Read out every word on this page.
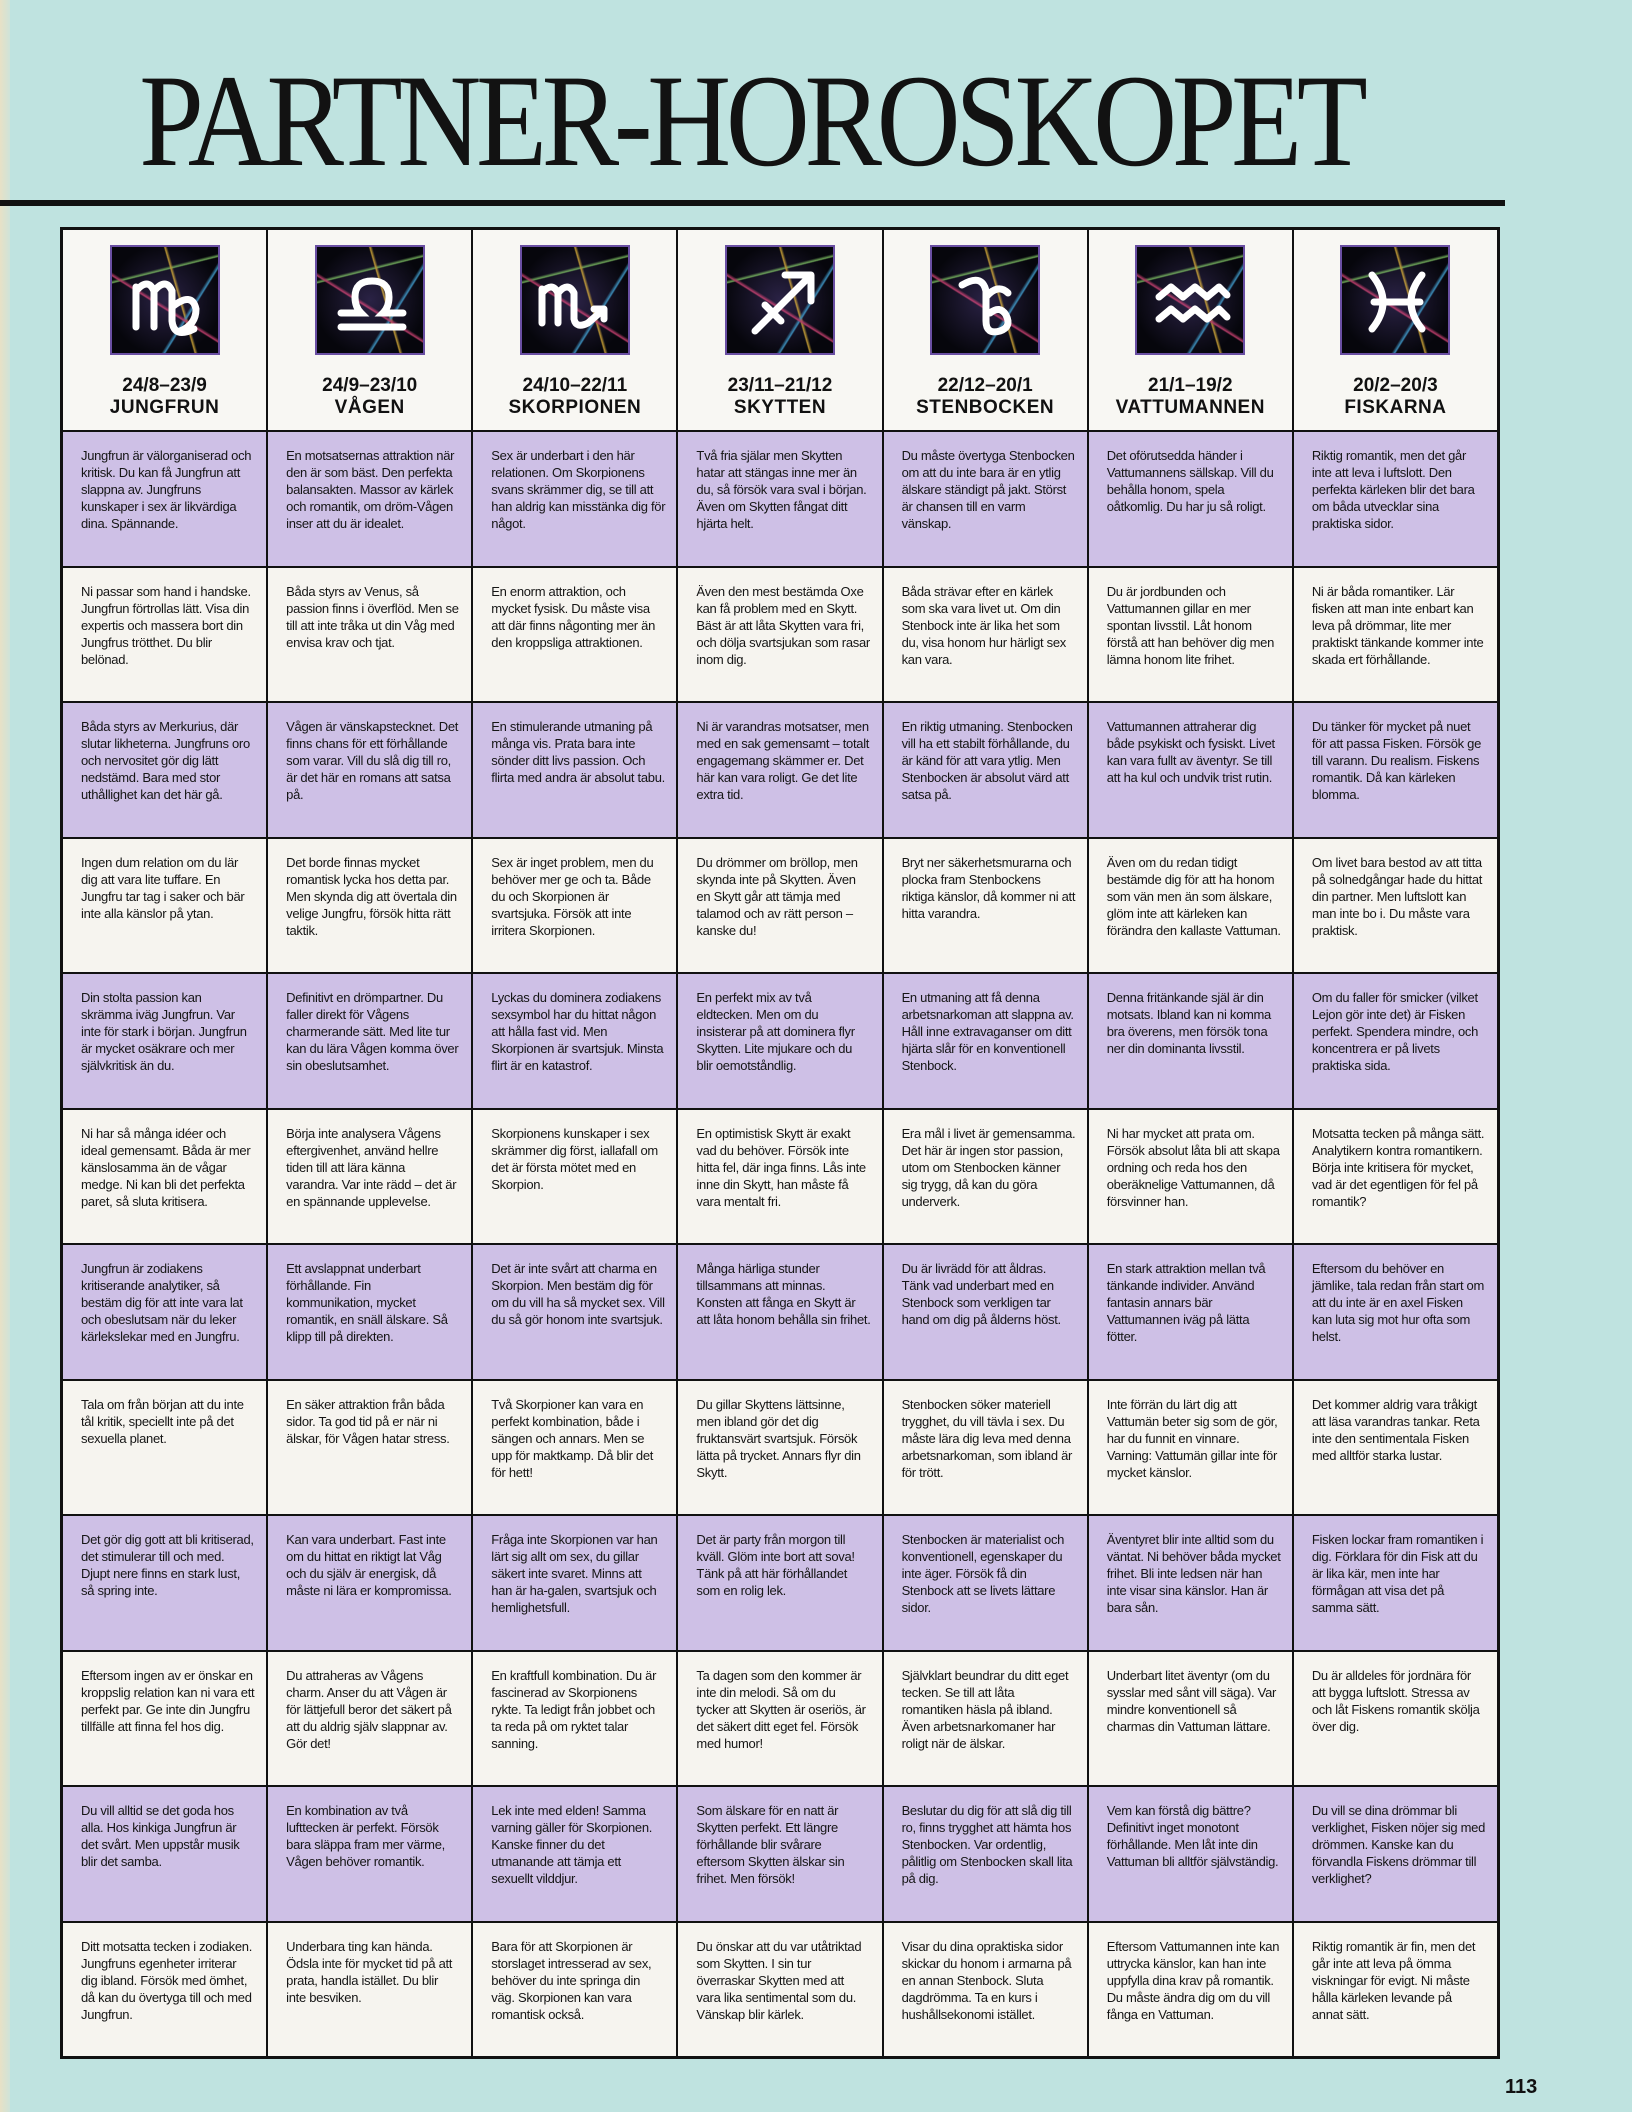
PARTNER-HOROSKOPET
24/8–23/9
JUNGFRUN
24/9–23/10
VÅGEN
24/10–22/11
SKORPIONEN
23/11–21/12
SKYTTEN
22/12–20/1
STENBOCKEN
21/1–19/2
VATTUMANNEN
20/2–20/3
FISKARNA
Jungfrun är välorganiserad och kritisk. Du kan få Jungfrun att slappna av. Jungfruns kunskaper i sex är likvärdiga dina. Spännande.
En motsatsernas attraktion när den är som bäst. Den perfekta balansakten. Massor av kärlek och romantik, om dröm-Vågen inser att du är idealet.
Sex är underbart i den här relationen. Om Skorpionens svans skrämmer dig, se till att han aldrig kan misstänka dig för något.
Två fria själar men Skytten hatar att stängas inne mer än du, så försök vara sval i början. Även om Skytten fångat ditt hjärta helt.
Du måste övertyga Stenbocken om att du inte bara är en ytlig älskare ständigt på jakt. Störst är chansen till en varm vänskap.
Det oförutsedda händer i Vattumannens sällskap. Vill du behålla honom, spela oåtkomlig. Du har ju så roligt.
Riktig romantik, men det går inte att leva i luftslott. Den perfekta kärleken blir det bara om båda utvecklar sina praktiska sidor.
Ni passar som hand i handske. Jungfrun förtrollas lätt. Visa din expertis och massera bort din Jungfrus trötthet. Du blir belönad.
Båda styrs av Venus, så passion finns i överflöd. Men se till att inte tråka ut din Våg med envisa krav och tjat.
En enorm attraktion, och mycket fysisk. Du måste visa att där finns någonting mer än den kroppsliga attraktionen.
Även den mest bestämda Oxe kan få problem med en Skytt. Bäst är att låta Skytten vara fri, och dölja svartsjukan som rasar inom dig.
Båda strävar efter en kärlek som ska vara livet ut. Om din Stenbock inte är lika het som du, visa honom hur härligt sex kan vara.
Du är jordbunden och Vattumannen gillar en mer spontan livsstil. Låt honom förstå att han behöver dig men lämna honom lite frihet.
Ni är båda romantiker. Lär fisken att man inte enbart kan leva på drömmar, lite mer praktiskt tänkande kommer inte skada ert förhållande.
Båda styrs av Merkurius, där slutar likheterna. Jungfruns oro och nervositet gör dig lätt nedstämd. Bara med stor uthållighet kan det här gå.
Vågen är vänskapstecknet. Det finns chans för ett förhållande som varar. Vill du slå dig till ro, är det här en romans att satsa på.
En stimulerande utmaning på många vis. Prata bara inte sönder ditt livs passion. Och flirta med andra är absolut tabu.
Ni är varandras motsatser, men med en sak gemensamt – totalt engagemang skämmer er. Det här kan vara roligt. Ge det lite extra tid.
En riktig utmaning. Stenbocken vill ha ett stabilt förhållande, du är känd för att vara ytlig. Men Stenbocken är absolut värd att satsa på.
Vattumannen attraherar dig både psykiskt och fysiskt. Livet kan vara fullt av äventyr. Se till att ha kul och undvik trist rutin.
Du tänker för mycket på nuet för att passa Fisken. Försök ge till varann. Du realism. Fiskens romantik. Då kan kärleken blomma.
Ingen dum relation om du lär dig att vara lite tuffare. En Jungfru tar tag i saker och bär inte alla känslor på ytan.
Det borde finnas mycket romantisk lycka hos detta par. Men skynda dig att övertala din velige Jungfru, försök hitta rätt taktik.
Sex är inget problem, men du behöver mer ge och ta. Både du och Skorpionen är svartsjuka. Försök att inte irritera Skorpionen.
Du drömmer om bröllop, men skynda inte på Skytten. Även en Skytt går att tämja med talamod och av rätt person – kanske du!
Bryt ner säkerhetsmurarna och plocka fram Stenbockens riktiga känslor, då kommer ni att hitta varandra.
Även om du redan tidigt bestämde dig för att ha honom som vän men än som älskare, glöm inte att kärleken kan förändra den kallaste Vattuman.
Om livet bara bestod av att titta på solnedgångar hade du hittat din partner. Men luftslott kan man inte bo i. Du måste vara praktisk.
Din stolta passion kan skrämma iväg Jungfrun. Var inte för stark i början. Jungfrun är mycket osäkrare och mer självkritisk än du.
Definitivt en drömpartner. Du faller direkt för Vågens charmerande sätt. Med lite tur kan du lära Vågen komma över sin obeslutsamhet.
Lyckas du dominera zodiakens sexsymbol har du hittat någon att hålla fast vid. Men Skorpionen är svartsjuk. Minsta flirt är en katastrof.
En perfekt mix av två eldtecken. Men om du insisterar på att dominera flyr Skytten. Lite mjukare och du blir oemotståndlig.
En utmaning att få denna arbetsnarkoman att slappna av. Håll inne extravaganser om ditt hjärta slår för en konventionell Stenbock.
Denna fritänkande själ är din motsats. Ibland kan ni komma bra överens, men försök tona ner din dominanta livsstil.
Om du faller för smicker (vilket Lejon gör inte det) är Fisken perfekt. Spendera mindre, och koncentrera er på livets praktiska sida.
Ni har så många idéer och ideal gemensamt. Båda är mer känslosamma än de vågar medge. Ni kan bli det perfekta paret, så sluta kritisera.
Börja inte analysera Vågens eftergivenhet, använd hellre tiden till att lära känna varandra. Var inte rädd – det är en spännande upplevelse.
Skorpionens kunskaper i sex skrämmer dig först, iallafall om det är första mötet med en Skorpion.
En optimistisk Skytt är exakt vad du behöver. Försök inte hitta fel, där inga finns. Lås inte inne din Skytt, han måste få vara mentalt fri.
Era mål i livet är gemensamma. Det här är ingen stor passion, utom om Stenbocken känner sig trygg, då kan du göra underverk.
Ni har mycket att prata om. Försök absolut låta bli att skapa ordning och reda hos den oberäknelige Vattumannen, då försvinner han.
Motsatta tecken på många sätt. Analytikern kontra romantikern. Börja inte kritisera för mycket, vad är det egentligen för fel på romantik?
Jungfrun är zodiakens kritiserande analytiker, så bestäm dig för att inte vara lat och obeslutsam när du leker kärlekslekar med en Jungfru.
Ett avslappnat underbart förhållande. Fin kommunikation, mycket romantik, en snäll älskare. Så klipp till på direkten.
Det är inte svårt att charma en Skorpion. Men bestäm dig för om du vill ha så mycket sex. Vill du så gör honom inte svartsjuk.
Många härliga stunder tillsammans att minnas. Konsten att fånga en Skytt är att låta honom behålla sin frihet.
Du är livrädd för att åldras. Tänk vad underbart med en Stenbock som verkligen tar hand om dig på ålderns höst.
En stark attraktion mellan två tänkande individer. Använd fantasin annars bär Vattumannen iväg på lätta fötter.
Eftersom du behöver en jämlike, tala redan från start om att du inte är en axel Fisken kan luta sig mot hur ofta som helst.
Tala om från början att du inte tål kritik, speciellt inte på det sexuella planet.
En säker attraktion från båda sidor. Ta god tid på er när ni älskar, för Vågen hatar stress.
Två Skorpioner kan vara en perfekt kombination, både i sängen och annars. Men se upp för maktkamp. Då blir det för hett!
Du gillar Skyttens lättsinne, men ibland gör det dig fruktansvärt svartsjuk. Försök lätta på trycket. Annars flyr din Skytt.
Stenbocken söker materiell trygghet, du vill tävla i sex. Du måste lära dig leva med denna arbetsnarkoman, som ibland är för trött.
Inte förrän du lärt dig att Vattumän beter sig som de gör, har du funnit en vinnare. Varning: Vattumän gillar inte för mycket känslor.
Det kommer aldrig vara tråkigt att läsa varandras tankar. Reta inte den sentimentala Fisken med alltför starka lustar.
Det gör dig gott att bli kritiserad, det stimulerar till och med. Djupt nere finns en stark lust, så spring inte.
Kan vara underbart. Fast inte om du hittat en riktigt lat Våg och du själv är energisk, då måste ni lära er kompromissa.
Fråga inte Skorpionen var han lärt sig allt om sex, du gillar säkert inte svaret. Minns att han är ha-galen, svartsjuk och hemlighetsfull.
Det är party från morgon till kväll. Glöm inte bort att sova! Tänk på att här förhållandet som en rolig lek.
Stenbocken är materialist och konventionell, egenskaper du inte äger. Försök få din Stenbock att se livets lättare sidor.
Äventyret blir inte alltid som du väntat. Ni behöver båda mycket frihet. Bli inte ledsen när han inte visar sina känslor. Han är bara sån.
Fisken lockar fram romantiken i dig. Förklara för din Fisk att du är lika kär, men inte har förmågan att visa det på samma sätt.
Eftersom ingen av er önskar en kroppslig relation kan ni vara ett perfekt par. Ge inte din Jungfru tillfälle att finna fel hos dig.
Du attraheras av Vågens charm. Anser du att Vågen är för lättjefull beror det säkert på att du aldrig själv slappnar av. Gör det!
En kraftfull kombination. Du är fascinerad av Skorpionens rykte. Ta ledigt från jobbet och ta reda på om ryktet talar sanning.
Ta dagen som den kommer är inte din melodi. Så om du tycker att Skytten är oseriös, är det säkert ditt eget fel. Försök med humor!
Självklart beundrar du ditt eget tecken. Se till att låta romantiken häsla på ibland. Även arbetsnarkomaner har roligt när de älskar.
Underbart litet äventyr (om du sysslar med sånt vill säga). Var mindre konventionell så charmas din Vattuman lättare.
Du är alldeles för jordnära för att bygga luftslott. Stressa av och låt Fiskens romantik skölja över dig.
Du vill alltid se det goda hos alla. Hos kinkiga Jungfrun är det svårt. Men uppstår musik blir det samba.
En kombination av två lufttecken är perfekt. Försök bara släppa fram mer värme, Vågen behöver romantik.
Lek inte med elden! Samma varning gäller för Skorpionen. Kanske finner du det utmanande att tämja ett sexuellt vilddjur.
Som älskare för en natt är Skytten perfekt. Ett längre förhållande blir svårare eftersom Skytten älskar sin frihet. Men försök!
Beslutar du dig för att slå dig till ro, finns trygghet att hämta hos Stenbocken. Var ordentlig, pålitlig om Stenbocken skall lita på dig.
Vem kan förstå dig bättre? Definitivt inget monotont förhållande. Men låt inte din Vattuman bli alltför självständig.
Du vill se dina drömmar bli verklighet, Fisken nöjer sig med drömmen. Kanske kan du förvandla Fiskens drömmar till verklighet?
Ditt motsatta tecken i zodiaken. Jungfruns egenheter irriterar dig ibland. Försök med ömhet, då kan du övertyga till och med Jungfrun.
Underbara ting kan hända. Ödsla inte för mycket tid på att prata, handla istället. Du blir inte besviken.
Bara för att Skorpionen är storslaget intresserad av sex, behöver du inte springa din väg. Skorpionen kan vara romantisk också.
Du önskar att du var utåtriktad som Skytten. I sin tur överraskar Skytten med att vara lika sentimental som du. Vänskap blir kärlek.
Visar du dina opraktiska sidor skickar du honom i armarna på en annan Stenbock. Sluta dagdrömma. Ta en kurs i hushållsekonomi istället.
Eftersom Vattumannen inte kan uttrycka känslor, kan han inte uppfylla dina krav på romantik. Du måste ändra dig om du vill fånga en Vattuman.
Riktig romantik är fin, men det går inte att leva på ömma viskningar för evigt. Ni måste hålla kärleken levande på annat sätt.
113
